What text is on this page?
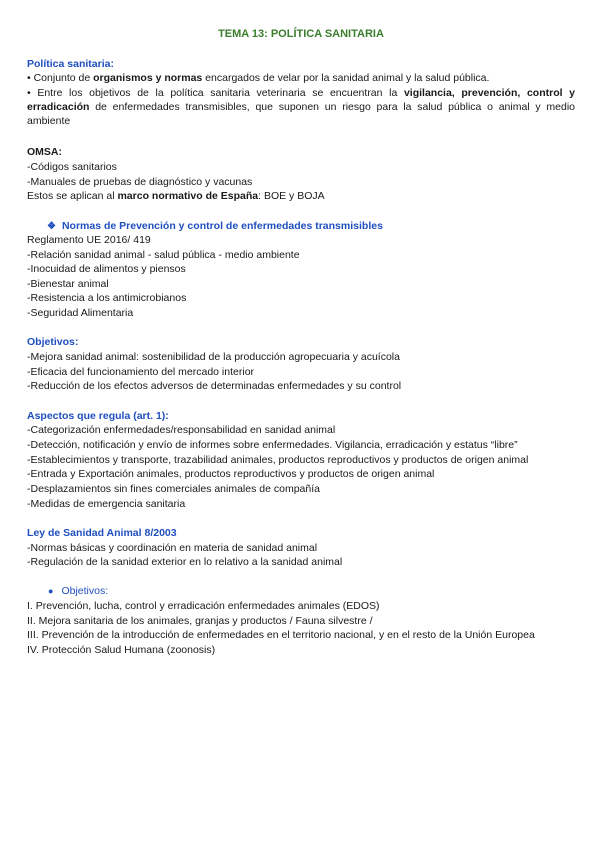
TEMA 13: POLÍTICA SANITARIA
Política sanitaria:
• Conjunto de organismos y normas encargados de velar por la sanidad animal y la salud pública.
• Entre los objetivos de la política sanitaria veterinaria se encuentran la vigilancia, prevención, control y erradicación de enfermedades transmisibles, que suponen un riesgo para la salud pública o animal y medio ambiente
OMSA:
-Códigos sanitarios
-Manuales de pruebas de diagnóstico y vacunas
Estos se aplican al marco normativo de España: BOE y BOJA
❖ Normas de Prevención y control de enfermedades transmisibles
Reglamento UE 2016/ 419
-Relación sanidad animal - salud pública - medio ambiente
-Inocuidad de alimentos y piensos
-Bienestar animal
-Resistencia a los antimicrobianos
-Seguridad Alimentaria
Objetivos:
-Mejora sanidad animal: sostenibilidad de la producción agropecuaria y acuícola
-Eficacia del funcionamiento del mercado interior
-Reducción de los efectos adversos de determinadas enfermedades y su control
Aspectos que regula (art. 1):
-Categorización enfermedades/responsabilidad en sanidad animal
-Detección, notificación y envío de informes sobre enfermedades. Vigilancia, erradicación y estatus “libre”
-Establecimientos y transporte, trazabilidad animales, productos reproductivos y productos de origen animal
-Entrada y Exportación animales, productos reproductivos y productos de origen animal
-Desplazamientos sin fines comerciales animales de compañía
-Medidas de emergencia sanitaria
Ley de Sanidad Animal 8/2003
-Normas básicas y coordinación en materia de sanidad animal
-Regulación de la sanidad exterior en lo relativo a la sanidad animal
● Objetivos:
I. Prevención, lucha, control y erradicación enfermedades animales (EDOS)
II. Mejora sanitaria de los animales, granjas y productos / Fauna silvestre /
III. Prevención de la introducción de enfermedades en el territorio nacional, y en el resto de la Unión Europea
IV. Protección Salud Humana (zoonosis)
